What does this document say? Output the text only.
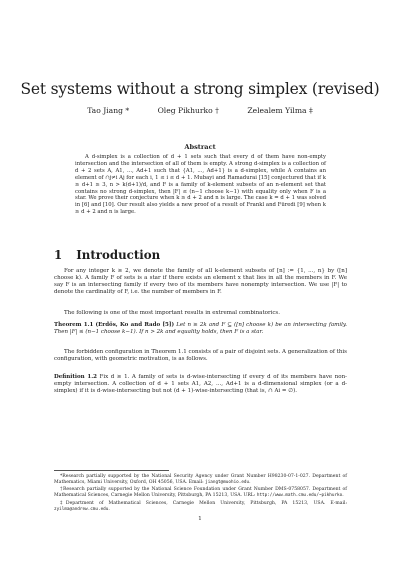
Set systems without a strong simplex (revised)
Tao Jiang *	Oleg Pikhurko †	Zelealem Yilma ‡
Abstract
A d-simplex is a collection of d + 1 sets such that every d of them have non-empty intersection and the intersection of all of them is empty. A strong d-simplex is a collection of d + 2 sets A, A1, ..., Ad+1 such that {A1, ..., Ad+1} is a d-simplex, while A contains an element of ∩j≠i Aj for each i, 1 ≤ i ≤ d + 1. Mubayi and Ramadurai [15] conjectured that if k ≥ d+1 ≥ 3, n > k(d+1)/d, and F is a family of k-element subsets of an n-element set that contains no strong d-simplex, then |F| ≤ (n−1 choose k−1) with equality only when F is a star. We prove their conjecture when k ≥ d + 2 and n is large. The case k = d + 1 was solved in [6] and [10]. Our result also yields a new proof of a result of Frankl and Füredi [9] when k ≥ d + 2 and n is large.
1 Introduction
For any integer k ≥ 2, we denote the family of all k-element subsets of [n] := {1, ..., n} by ([n] choose k). A family F of sets is a star if there exists an element x that lies in all the members in F. We say F is an intersecting family if every two of its members have nonempty intersection. We use |F| to denote the cardinality of F, i.e. the number of members in F.
The following is one of the most important results in extremal combinatorics.
Theorem 1.1 (Erdős, Ko and Rado [5]) Let n ≥ 2k and F ⊆ ([n] choose k) be an intersecting family. Then |F| ≤ (n−1 choose k−1). If n > 2k and equality holds, then F is a star.
The forbidden configuration in Theorem 1.1 consists of a pair of disjoint sets. A generalization of this configuration, with geometric motivation, is as follows.
Definition 1.2 Fix d ≥ 1. A family of sets is d-wise-intersecting if every d of its members have non-empty intersection. A collection of d + 1 sets A1, A2, ..., Ad+1 is a d-dimensional simplex (or a d-simplex) if it is d-wise-intersecting but not (d + 1)-wise-intersecting (that is, ∩ Ai = ∅).
*Research partially supported by the National Security Agency under Grant Number H98230-07-1-027. Department of Mathematics, Miami University, Oxford, OH 45056, USA. Email: jiangt@muohio.edu.
†Research partially supported by the National Science Foundation under Grant Number DMS-0758057. Department of Mathematical Sciences, Carnegie Mellon University, Pittsburgh, PA 15213, USA. URL: http://www.math.cmu.edu/~pikhurko.
‡Department of Mathematical Sciences, Carnegie Mellon University, Pittsburgh, PA 15213, USA. E-mail: zyilma@andrew.cmu.edu.
1
